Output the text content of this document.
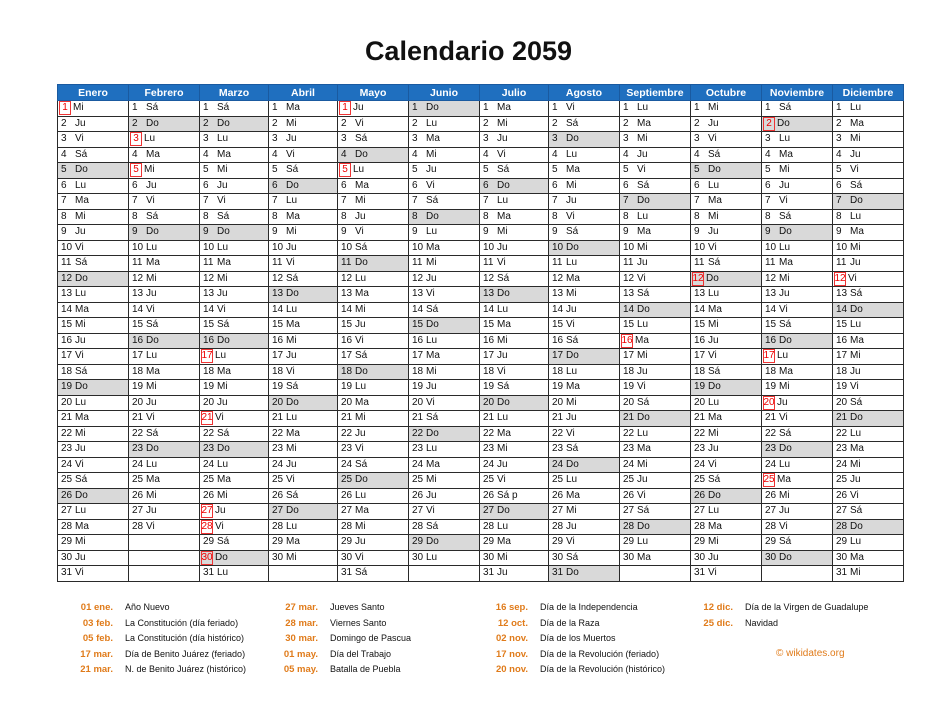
Calendario 2059
Enero	Febrero	Marzo	Abril	Mayo	Junio	Julio	Agosto	Septiembre	Octubre	Noviembre	Diciembre
1 Mi	1 Sá	1 Sá	1 Ma	1 Ju	1 Do	1 Ma	1 Vi	1 Lu	1 Mi	1 Sá	1 Lu
2 Ju	2 Do	2 Do	2 Mi	2 Vi	2 Lu	2 Mi	2 Sá	2 Ma	2 Ju	2 Do	2 Ma
3 Vi	3 Lu	3 Lu	3 Ju	3 Sá	3 Ma	3 Ju	3 Do	3 Mi	3 Vi	3 Lu	3 Mi
4 Sá	4 Ma	4 Ma	4 Vi	4 Do	4 Mi	4 Vi	4 Lu	4 Ju	4 Sá	4 Ma	4 Ju
5 Do	5 Mi	5 Mi	5 Sá	5 Lu	5 Ju	5 Sá	5 Ma	5 Vi	5 Do	5 Mi	5 Vi
6 Lu	6 Ju	6 Ju	6 Do	6 Ma	6 Vi	6 Do	6 Mi	6 Sá	6 Lu	6 Ju	6 Sá
7 Ma	7 Vi	7 Vi	7 Lu	7 Mi	7 Sá	7 Lu	7 Ju	7 Do	7 Ma	7 Vi	7 Do
8 Mi	8 Sá	8 Sá	8 Ma	8 Ju	8 Do	8 Ma	8 Vi	8 Lu	8 Mi	8 Sá	8 Lu
9 Ju	9 Do	9 Do	9 Mi	9 Vi	9 Lu	9 Mi	9 Sá	9 Ma	9 Ju	9 Do	9 Ma
10 Vi	10 Lu	10 Lu	10 Ju	10 Sá	10 Ma	10 Ju	10 Do	10 Mi	10 Vi	10 Lu	10 Mi
11 Sá	11 Ma	11 Ma	11 Vi	11 Do	11 Mi	11 Vi	11 Lu	11 Ju	11 Sá	11 Ma	11 Ju
12 Do	12 Mi	12 Mi	12 Sá	12 Lu	12 Ju	12 Sá	12 Ma	12 Vi	12 Do	12 Mi	12 Vi
13 Lu	13 Ju	13 Ju	13 Do	13 Ma	13 Vi	13 Do	13 Mi	13 Sá	13 Lu	13 Ju	13 Sá
14 Ma	14 Vi	14 Vi	14 Lu	14 Mi	14 Sá	14 Lu	14 Ju	14 Do	14 Ma	14 Vi	14 Do
15 Mi	15 Sá	15 Sá	15 Ma	15 Ju	15 Do	15 Ma	15 Vi	15 Lu	15 Mi	15 Sá	15 Lu
16 Ju	16 Do	16 Do	16 Mi	16 Vi	16 Lu	16 Mi	16 Sá	16 Ma	16 Ju	16 Do	16 Ma
17 Vi	17 Lu	17 Lu	17 Ju	17 Sá	17 Ma	17 Ju	17 Do	17 Mi	17 Vi	17 Lu	17 Mi
18 Sá	18 Ma	18 Ma	18 Vi	18 Do	18 Mi	18 Vi	18 Lu	18 Ju	18 Sá	18 Ma	18 Ju
19 Do	19 Mi	19 Mi	19 Sá	19 Lu	19 Ju	19 Sá	19 Ma	19 Vi	19 Do	19 Mi	19 Vi
20 Lu	20 Ju	20 Ju	20 Do	20 Ma	20 Vi	20 Do	20 Mi	20 Sá	20 Lu	20 Ju	20 Sá
21 Ma	21 Vi	21 Vi	21 Lu	21 Mi	21 Sá	21 Lu	21 Ju	21 Do	21 Ma	21 Vi	21 Do
22 Mi	22 Sá	22 Sá	22 Ma	22 Ju	22 Do	22 Ma	22 Vi	22 Lu	22 Mi	22 Sá	22 Lu
23 Ju	23 Do	23 Do	23 Mi	23 Vi	23 Lu	23 Mi	23 Sá	23 Ma	23 Ju	23 Do	23 Ma
24 Vi	24 Lu	24 Lu	24 Ju	24 Sá	24 Ma	24 Ju	24 Do	24 Mi	24 Vi	24 Lu	24 Mi
25 Sá	25 Ma	25 Ma	25 Vi	25 Do	25 Mi	25 Vi	25 Lu	25 Ju	25 Sá	25 Ma	25 Ju
26 Do	26 Mi	26 Mi	26 Sá	26 Lu	26 Ju	26 Sá p	26 Ma	26 Vi	26 Do	26 Mi	26 Vi
27 Lu	27 Ju	27 Ju	27 Do	27 Ma	27 Vi	27 Do	27 Mi	27 Sá	27 Lu	27 Ju	27 Sá
28 Ma	28 Vi	28 Vi	28 Lu	28 Mi	28 Sá	28 Lu	28 Ju	28 Do	28 Ma	28 Vi	28 Do
29 Mi		29 Sá	29 Ma	29 Ju	29 Do	29 Ma	29 Vi	29 Lu	29 Mi	29 Sá	29 Lu
30 Ju		30 Do	30 Mi	30 Vi	30 Lu	30 Mi	30 Sá	30 Ma	30 Ju	30 Do	30 Ma
31 Vi		31 Lu		31 Sá		31 Ju	31 Do		31 Vi		31 Mi
01 ene. Año Nuevo
03 feb. La Constitución (día feriado)
05 feb. La Constitución (día histórico)
17 mar. Día de Benito Juárez (feriado)
21 mar. N. de Benito Juárez (histórico)
27 mar. Jueves Santo
28 mar. Viernes Santo
30 mar. Domingo de Pascua
01 may. Día del Trabajo
05 may. Batalla de Puebla
16 sep. Día de la Independencia
12 oct. Día de la Raza
02 nov. Día de los Muertos
17 nov. Día de la Revolución (feriado)
20 nov. Día de la Revolución (histórico)
12 dic. Día de la Virgen de Guadalupe
25 dic. Navidad
© wikidates.org
